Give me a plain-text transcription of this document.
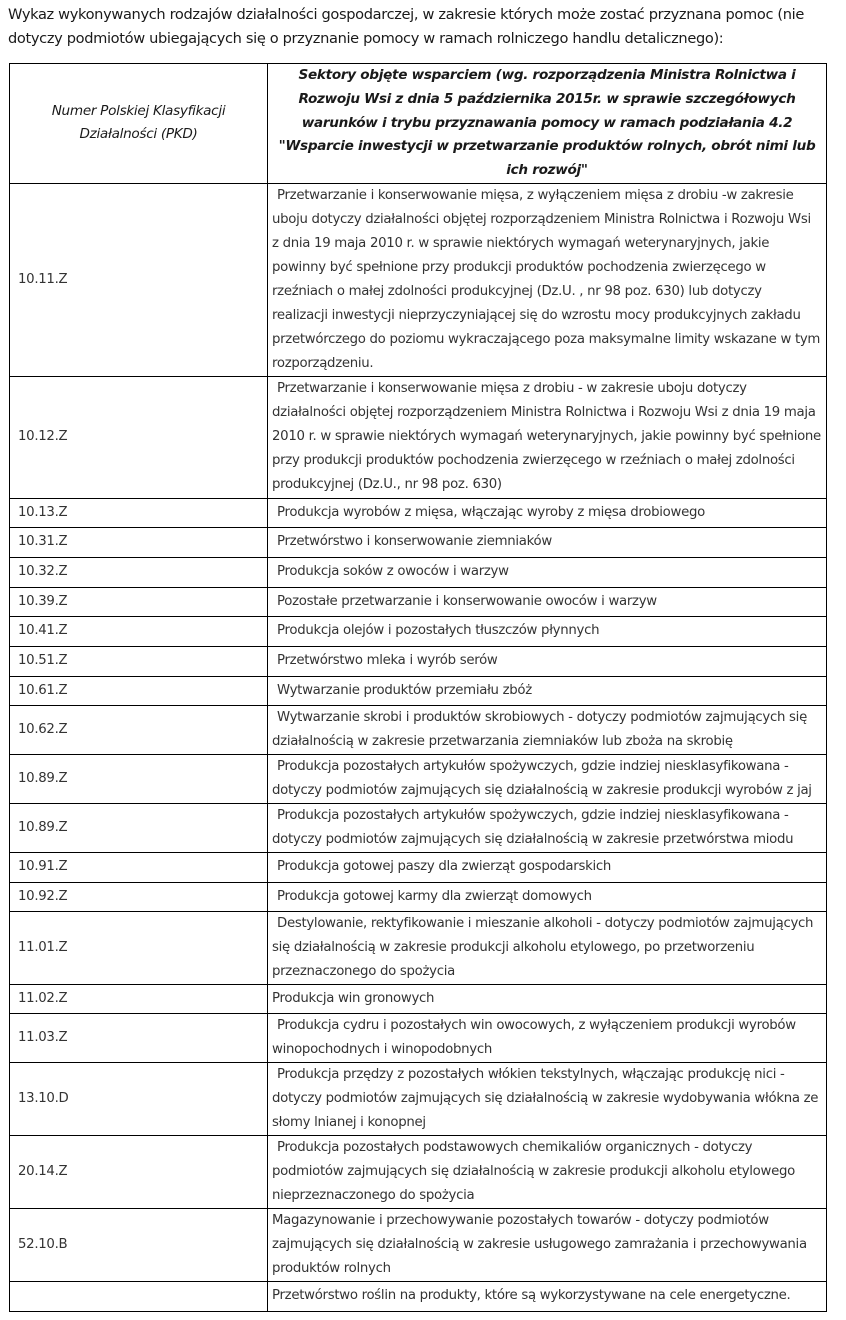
Wykaz wykonywanych rodzajów działalności gospodarczej, w zakresie których może zostać przyznana pomoc (nie dotyczy podmiotów ubiegających się o przyznanie pomocy w ramach rolniczego handlu detalicznego):

Numer Polskiej Klasyfikacji Działalności (PKD)	Sektory objęte wsparciem (wg. rozporządzenia Ministra Rolnictwa i Rozwoju Wsi z dnia 5 października 2015r. w sprawie szczegółowych warunków i trybu przyznawania pomocy w ramach podziałania 4.2 "Wsparcie inwestycji w przetwarzanie produktów rolnych, obrót nimi lub ich rozwój"
10.11.Z	Przetwarzanie i konserwowanie mięsa, z wyłączeniem mięsa z drobiu -w zakresie uboju dotyczy działalności objętej rozporządzeniem Ministra Rolnictwa i Rozwoju Wsi z dnia 19 maja 2010 r. w sprawie niektórych wymagań weterynaryjnych, jakie powinny być spełnione przy produkcji produktów pochodzenia zwierzęcego w rzeźniach o małej zdolności produkcyjnej (Dz.U. , nr 98 poz. 630) lub dotyczy realizacji inwestycji nieprzyczyniającej się do wzrostu mocy produkcyjnych zakładu przetwórczego do poziomu wykraczającego poza maksymalne limity wskazane w tym rozporządzeniu.
10.12.Z	Przetwarzanie i konserwowanie mięsa z drobiu - w zakresie uboju dotyczy działalności objętej rozporządzeniem Ministra Rolnictwa i Rozwoju Wsi z dnia 19 maja 2010 r. w sprawie niektórych wymagań weterynaryjnych, jakie powinny być spełnione przy produkcji produktów pochodzenia zwierzęcego w rzeźniach o małej zdolności produkcyjnej (Dz.U., nr 98 poz. 630)
10.13.Z	Produkcja wyrobów z mięsa, włączając wyroby z mięsa drobiowego
10.31.Z	Przetwórstwo i konserwowanie ziemniaków
10.32.Z	Produkcja soków z owoców i warzyw
10.39.Z	Pozostałe przetwarzanie i konserwowanie owoców i warzyw
10.41.Z	Produkcja olejów i pozostałych tłuszczów płynnych
10.51.Z	Przetwórstwo mleka i wyrób serów
10.61.Z	Wytwarzanie produktów przemiału zbóż
10.62.Z	Wytwarzanie skrobi i produktów skrobiowych - dotyczy podmiotów zajmujących się działalnością w zakresie przetwarzania ziemniaków lub zboża na skrobię
10.89.Z	Produkcja pozostałych artykułów spożywczych, gdzie indziej niesklasyfikowana - dotyczy podmiotów zajmujących się działalnością w zakresie produkcji wyrobów z jaj
10.89.Z	Produkcja pozostałych artykułów spożywczych, gdzie indziej niesklasyfikowana - dotyczy podmiotów zajmujących się działalnością w zakresie przetwórstwa miodu
10.91.Z	Produkcja gotowej paszy dla zwierząt gospodarskich
10.92.Z	Produkcja gotowej karmy dla zwierząt domowych
11.01.Z	Destylowanie, rektyfikowanie i mieszanie alkoholi - dotyczy podmiotów zajmujących się działalnością w zakresie produkcji alkoholu etylowego, po przetworzeniu przeznaczonego do spożycia
11.02.Z	Produkcja win gronowych
11.03.Z	Produkcja cydru i pozostałych win owocowych, z wyłączeniem produkcji wyrobów winopochodnych i winopodobnych
13.10.D	Produkcja przędzy z pozostałych włókien tekstylnych, włączając produkcję nici - dotyczy podmiotów zajmujących się działalnością w zakresie wydobywania włókna ze słomy lnianej i konopnej
20.14.Z	Produkcja pozostałych podstawowych chemikaliów organicznych - dotyczy podmiotów zajmujących się działalnością w zakresie produkcji alkoholu etylowego nieprzeznaczonego do spożycia
52.10.B	Magazynowanie i przechowywanie pozostałych towarów - dotyczy podmiotów zajmujących się działalnością w zakresie usługowego zamrażania i przechowywania produktów rolnych
	Przetwórstwo roślin na produkty, które są wykorzystywane na cele energetyczne.
